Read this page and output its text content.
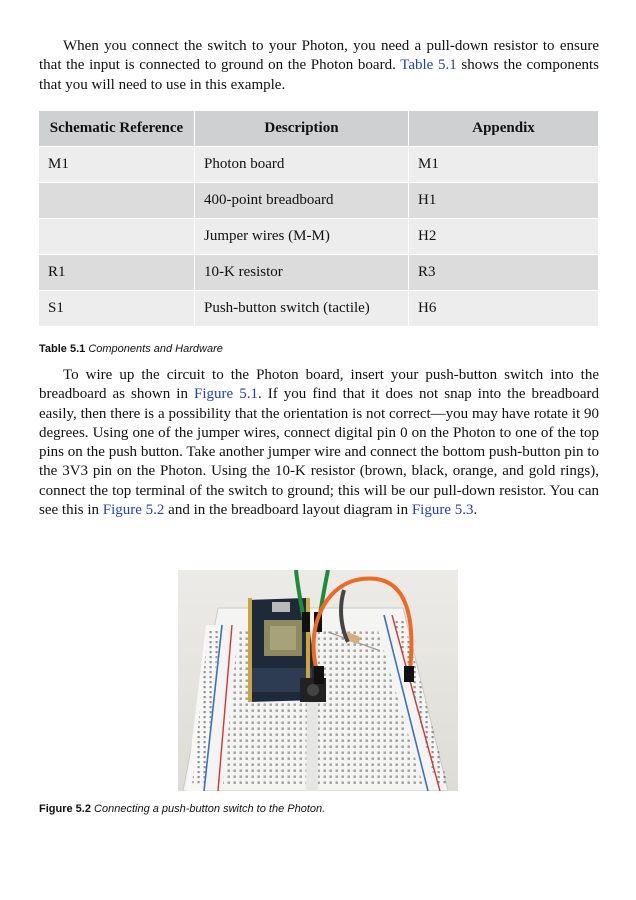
When you connect the switch to your Photon, you need a pull-down resistor to ensure that the input is connected to ground on the Photon board. Table 5.1 shows the components that you will need to use in this example.

Schematic Reference	Description	Appendix
M1	Photon board	M1
	400-point breadboard	H1
	Jumper wires (M-M)	H2
R1	10-K resistor	R3
S1	Push-button switch (tactile)	H6
Table 5.1 Components and Hardware

To wire up the circuit to the Photon board, insert your push-button switch into the breadboard as shown in Figure 5.1. If you find that it does not snap into the breadboard easily, then there is a possibility that the orientation is not correct—you may have rotate it 90 degrees. Using one of the jumper wires, connect digital pin 0 on the Photon to one of the top pins on the push button. Take another jumper wire and connect the bottom push-button pin to the 3V3 pin on the Photon. Using the 10-K resistor (brown, black, orange, and gold rings), connect the top terminal of the switch to ground; this will be our pull-down resistor. You can see this in Figure 5.2 and in the breadboard layout diagram in Figure 5.3.

Figure 5.2 Connecting a push-button switch to the Photon.
